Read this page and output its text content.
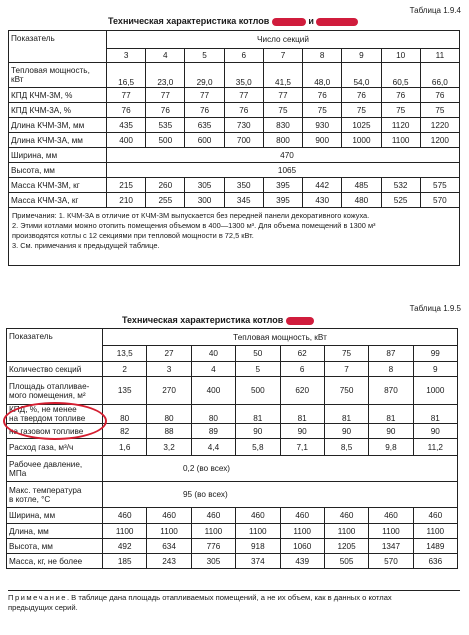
Таблица 1.9.4
Техническая характеристика котлов	и
Показатель	Число секций								
	3	4	5	6	7	8	9	10	11
Тепловая мощность, кВт	16,5	23,0	29,0	35,0	41,5	48,0	54,0	60,5	66,0
КПД КЧМ-3М, %	77	77	77	77	77	76	76	76	76
КПД КЧМ-3А, %	76	76	76	76	75	75	75	75	75
Длина КЧМ-3М, мм	435	535	635	730	830	930	1025	1120	1220
Длина КЧМ-3А, мм	400	500	600	700	800	900	1000	1100	1200
Ширина, мм	470								
Высота, мм	1065								
Масса КЧМ-3М, кг	215	260	305	350	395	442	485	532	575
Масса КЧМ-3А, кг	210	255	300	345	395	430	480	525	570
Примечания: 1. КЧМ-3А в отличие от КЧМ-3М выпускается без передней панели декоративного кожуха.
2. Этими котлами можно отопить помещения объемом в 400—1300 м³. Для объема помещений в 1300 м³
производятся котлы с 12 секциями при тепловой мощности в 72,5 кВт.
3. См. примечания к предыдущей таблице.									
Таблица 1.9.5
Техническая характеристика котлов
Показатель	Тепловая мощность, кВт							
	13,5	27	40	50	62	75	87	99
Количество секций	2	3	4	5	6	7	8	9
Площадь отапливае-
мого помещения, м²	135	270	400	500	620	750	870	1000
КПД, %, не менее
на твердом топливе	80	80	80	81	81	81	81	81
на газовом топливе	82	88	89	90	90	90	90	90
Расход газа, м³/ч	1,6	3,2	4,4	5,8	7,1	8,5	9,8	11,2
Рабочее давление,
МПа	0,2 (во всех)							
Макс. температура
в котле, °С	95 (во всех)							
Ширина, мм	460	460	460	460	460	460	460	460
Длина, мм	1100	1100	1100	1100	1100	1100	1100	1100
Высота, мм	492	634	776	918	1060	1205	1347	1489
Масса, кг, не более	185	243	305	374	439	505	570	636
Примечание. В таблице дана площадь отапливаемых помещений, а не их объем, как в данных о котлах
предыдущих серий.
